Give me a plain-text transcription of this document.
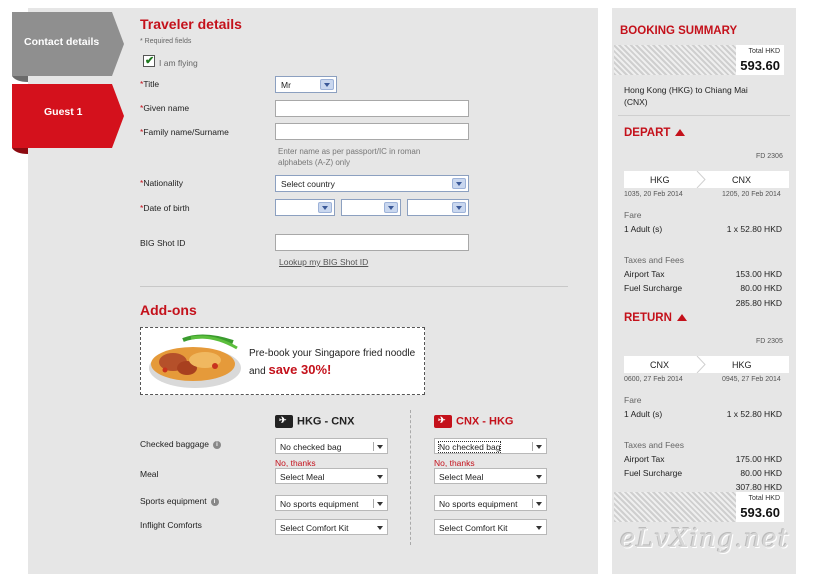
Contact details
Guest 1
Traveler details
* Required fields
✔
I am flying
*Title	Mr
*Given name
*Family name/Surname
Enter name as per passport/IC in roman
alphabets (A-Z) only
*Nationality	Select country
*Date of birth
BIG Shot ID
Lookup my BIG Shot ID
Add-ons
Pre-book your Singapore fried noodle
and save 30%!
✈HKG - CNX
✈	CNX - HKG
Checked baggage i	No checked bag	No checked bag
No, thanks	No, thanks
Meal	Select Meal	Select Meal
Sports equipment i	No sports equipment	No sports equipment
Inflight Comforts	Select Comfort Kit	Select Comfort Kit
BOOKING SUMMARY
Total HKD
593.60
Hong Kong (HKG) to Chiang Mai
(CNX)
DEPART
FD 2306
HKG	CNX
1035, 20 Feb 2014	1205, 20 Feb 2014
Fare
1 Adult (s)	1 x 52.80 HKD
Taxes and Fees
Airport Tax	153.00 HKD
Fuel Surcharge	80.00 HKD
285.80 HKD
RETURN
FD 2305
CNX	HKG
0600, 27 Feb 2014	0945, 27 Feb 2014
Fare
1 Adult (s)	1 x 52.80 HKD
Taxes and Fees
Airport Tax	175.00 HKD
Fuel Surcharge	80.00 HKD
307.80 HKD
Total HKD
593.60
eLvXing.net
